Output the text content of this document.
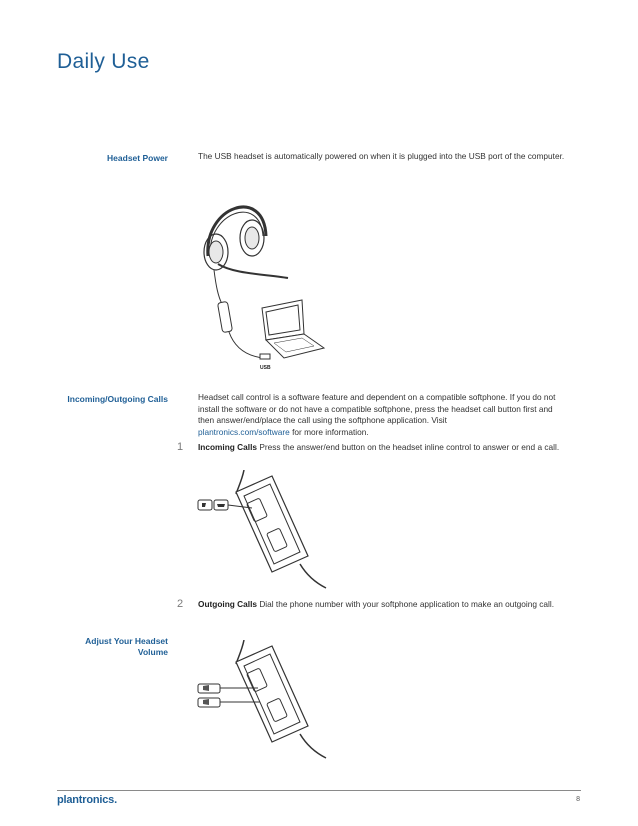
Daily Use
Headset Power	The USB headset is automatically powered on when it is plugged into the USB port of the computer.
USB
Incoming/Outgoing Calls	Headset call control is a software feature and dependent on a compatible softphone. If you do not install the software or do not have a compatible softphone, press the headset call button first and then answer/end/place the call using the softphone application. Visit
plantronics.com/software for more information.
1 Incoming Calls Press the answer/end button on the headset inline control to answer or end a call.
2 Outgoing Calls Dial the phone number with your softphone application to make an outgoing call.
Adjust Your Headset
Volume
plantronics.	8
